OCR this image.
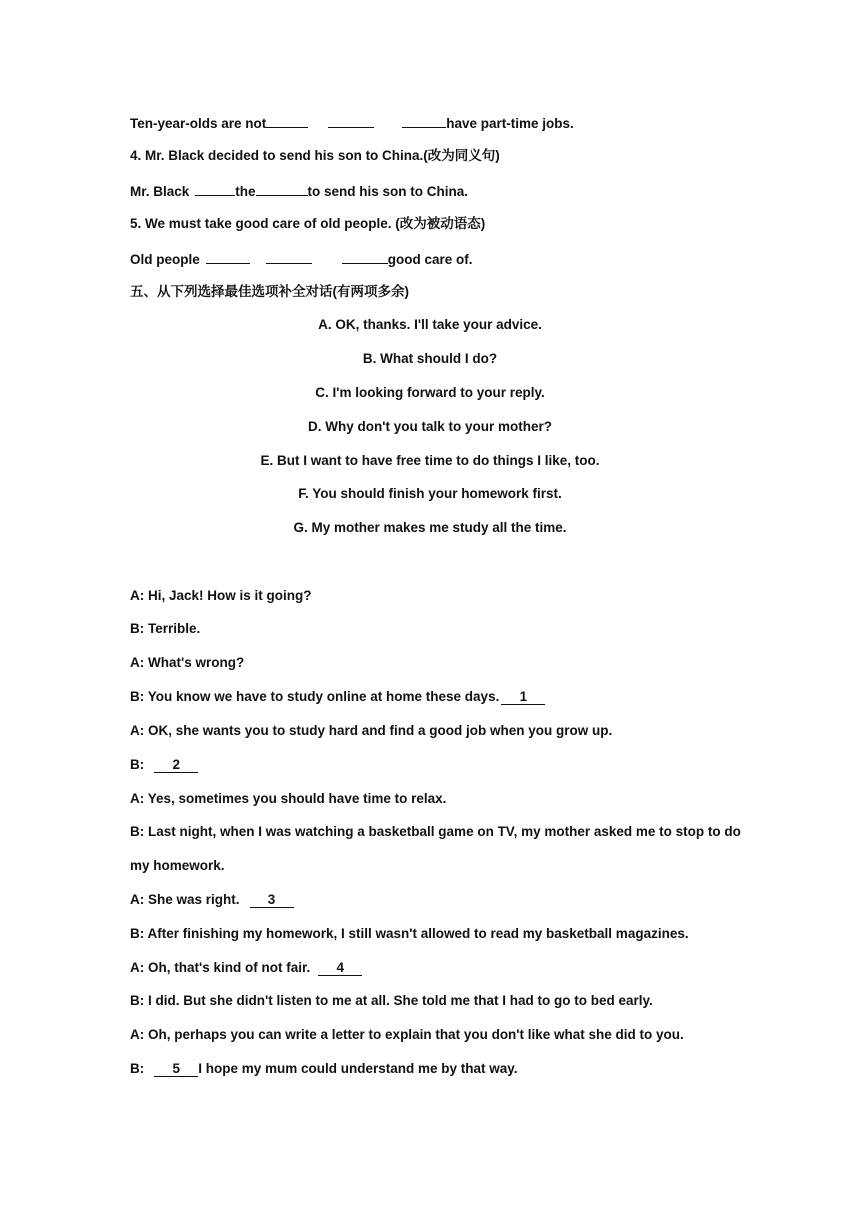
Ten-year-olds are not	have part-time jobs.
4. Mr. Black decided to send his son to China.(改为同义句)
Mr. Black	the	to send his son to China.
5. We must take good care of old people. (改为被动语态)
Old people	good care of.
五、从下列选择最佳选项补全对话(有两项多余)
A. OK, thanks. I'll take your advice.
B. What should I do?
C. I'm looking forward to your reply.
D. Why don't you talk to your mother?
E. But I want to have free time to do things I like, too.
F. You should finish your homework first.
G. My mother makes me study all the time.
A: Hi, Jack! How is it going?
B: Terrible.
A: What's wrong?
B: You know we have to study online at home these days. 1
A: OK, she wants you to study hard and find a good job when you grow up.
B: 2
A: Yes, sometimes you should have time to relax.
B: Last night, when I was watching a basketball game on TV, my mother asked me to stop to do
my homework.
A: She was right. 3
B: After finishing my homework, I still wasn't allowed to read my basketball magazines.
A: Oh, that's kind of not fair. 4
B: I did. But she didn't listen to me at all. She told me that I had to go to bed early.
A: Oh, perhaps you can write a letter to explain that you don't like what she did to you.
B: 5 I hope my mum could understand me by that way.
